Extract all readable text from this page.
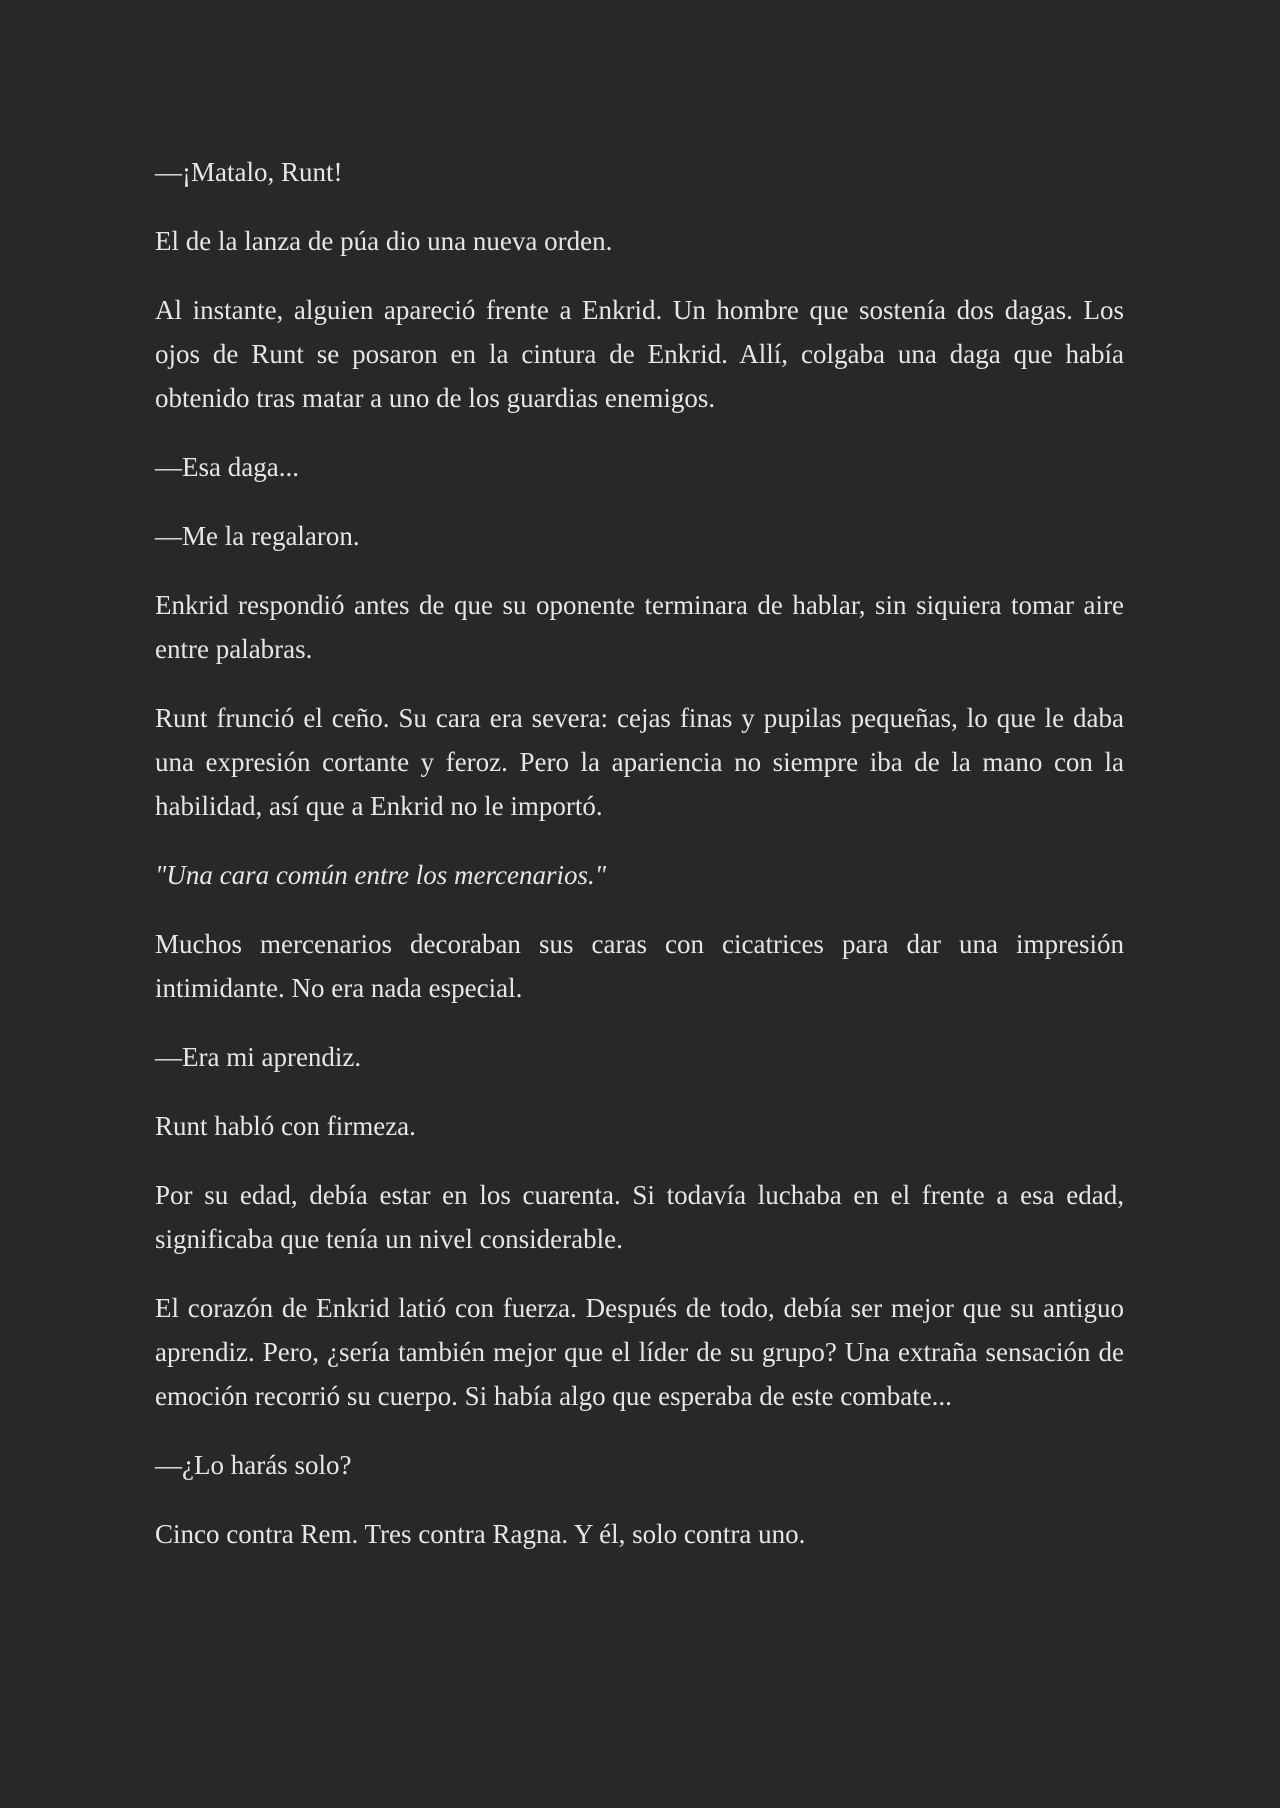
—¡Matalo, Runt!

El de la lanza de púa dio una nueva orden.

Al instante, alguien apareció frente a Enkrid. Un hombre que sostenía dos dagas. Los ojos de Runt se posaron en la cintura de Enkrid. Allí, colgaba una daga que había obtenido tras matar a uno de los guardias enemigos.

—Esa daga...

—Me la regalaron.

Enkrid respondió antes de que su oponente terminara de hablar, sin siquiera tomar aire entre palabras.

Runt frunció el ceño. Su cara era severa: cejas finas y pupilas pequeñas, lo que le daba una expresión cortante y feroz. Pero la apariencia no siempre iba de la mano con la habilidad, así que a Enkrid no le importó.

"Una cara común entre los mercenarios."

Muchos mercenarios decoraban sus caras con cicatrices para dar una impresión intimidante. No era nada especial.

—Era mi aprendiz.

Runt habló con firmeza.

Por su edad, debía estar en los cuarenta. Si todavía luchaba en el frente a esa edad, significaba que tenía un nivel considerable.

El corazón de Enkrid latió con fuerza. Después de todo, debía ser mejor que su antiguo aprendiz. Pero, ¿sería también mejor que el líder de su grupo? Una extraña sensación de emoción recorrió su cuerpo. Si había algo que esperaba de este combate...

—¿Lo harás solo?

Cinco contra Rem. Tres contra Ragna. Y él, solo contra uno.
